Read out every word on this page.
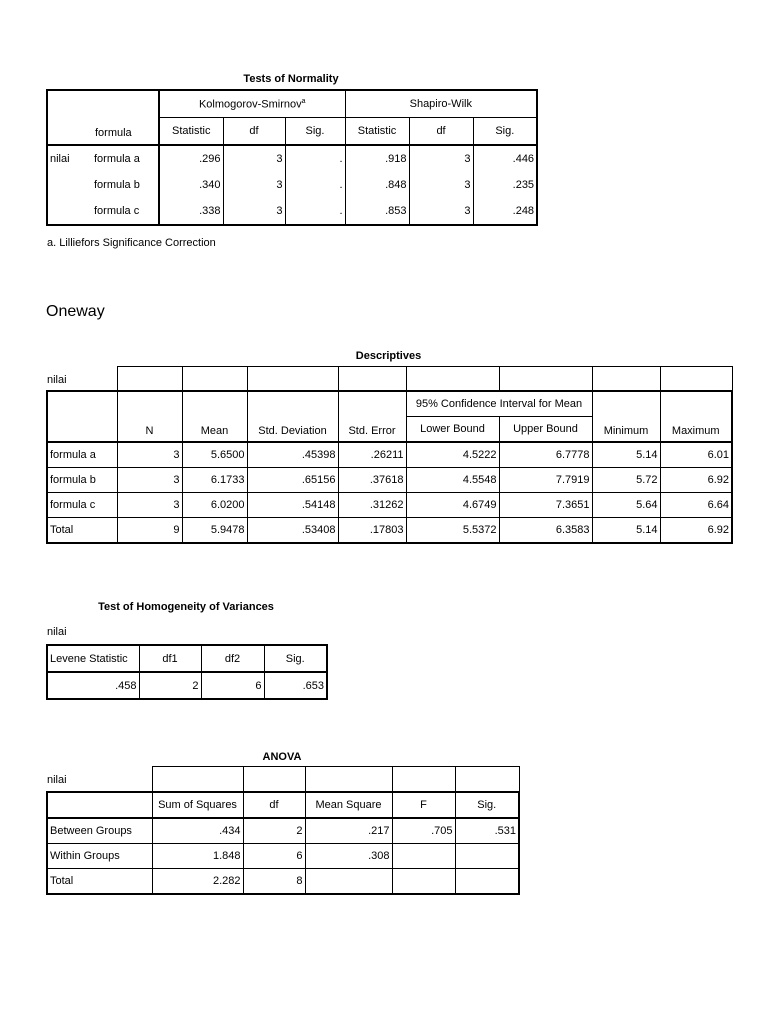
Tests of Normality
formula		Kolmogorov-Smirnov$^a$			Shapiro-Wilk		
		Statistic	df	Sig.	Statistic	df	Sig.
nilai	formula a	.296	3	.	.918	3	.446
	formula b	.340	3	.	.848	3	.235
	formula c	.338	3	.	.853	3	.248
a. Lilliefors Significance Correction
Oneway
Descriptives
nilai

	N	Mean	Std. Deviation	Std. Error	95% Confidence Interval for Mean		Minimum	Maximum
					Lower Bound	Upper Bound		
formula a	3	5.6500	.45398	.26211	4.5222	6.7778	5.14	6.01
formula b	3	6.1733	.65156	.37618	4.5548	7.7919	5.72	6.92
formula c	3	6.0200	.54148	.31262	4.6749	7.3651	5.64	6.64
Total	9	5.9478	.53408	.17803	5.5372	6.3583	5.14	6.92
Test of Homogeneity of Variances
nilai
Levene Statistic	df1	df2	Sig.
.458	2	6	.653
ANOVA
nilai

	Sum of Squares	df	Mean Square	F	Sig.
Between Groups	.434	2	.217	.705	.531
Within Groups	1.848	6	.308		
Total	2.282	8			
